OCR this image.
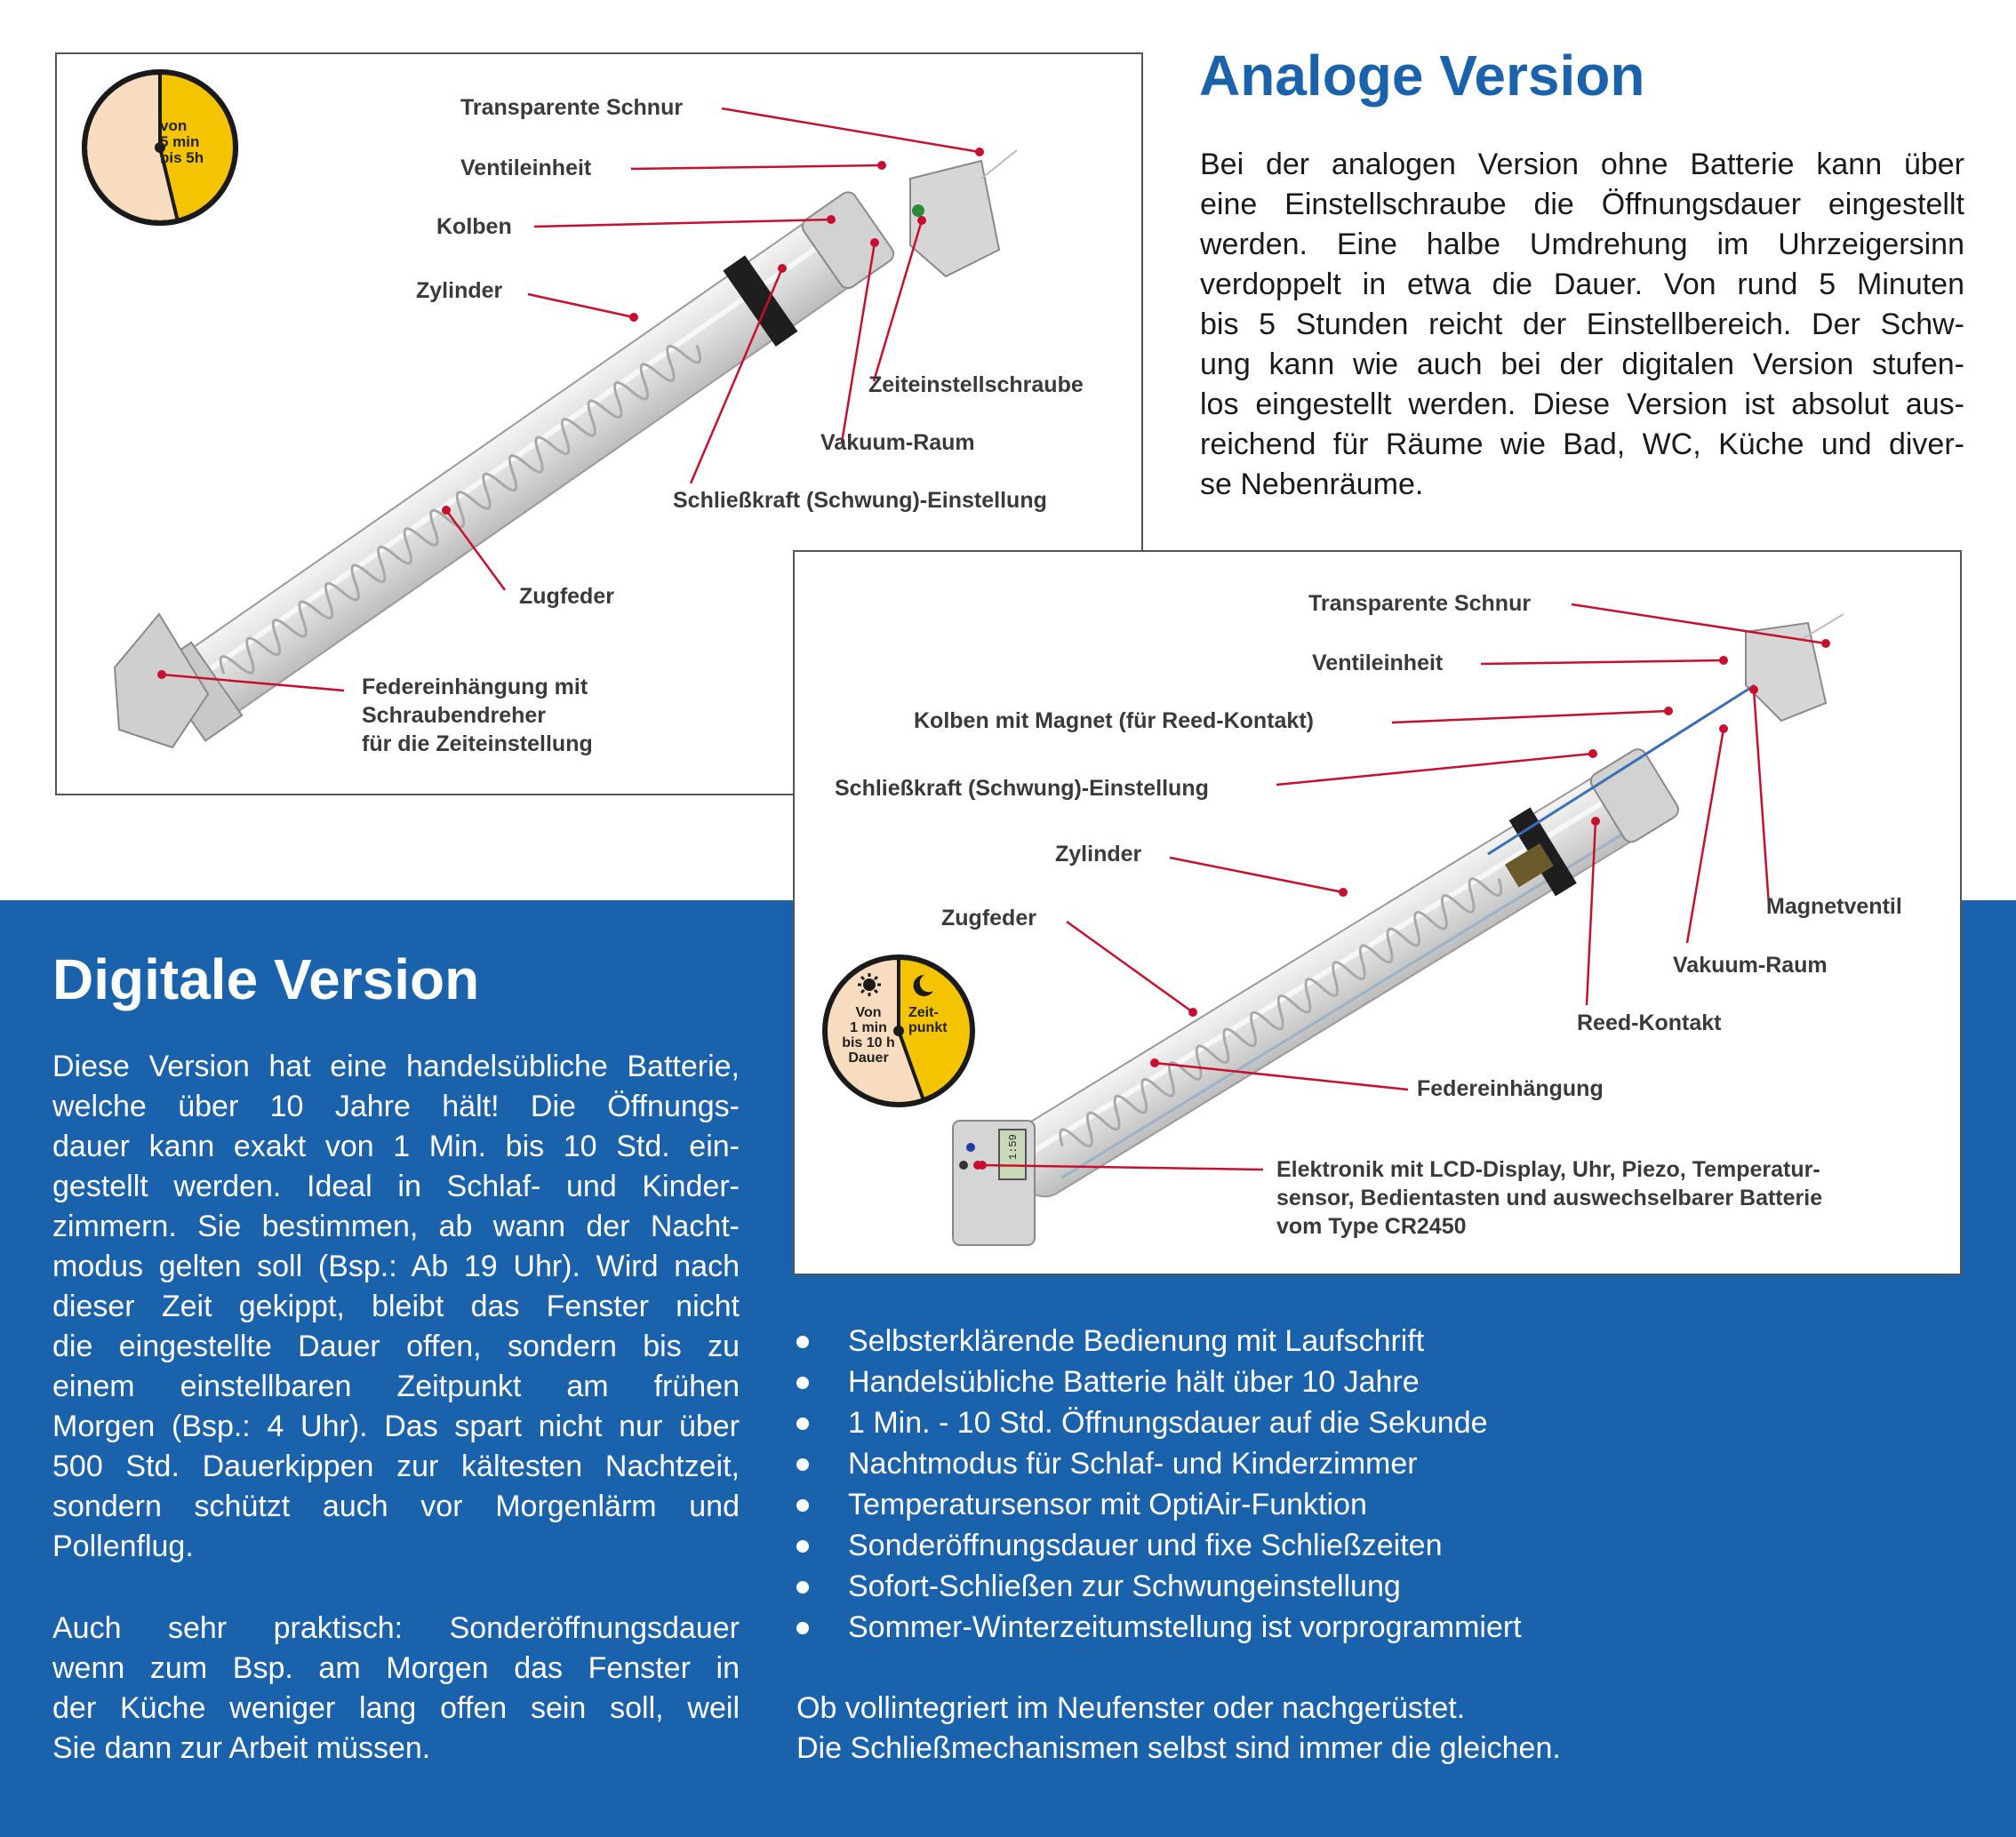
von
5 min
bis 5h
Transparente Schnur
Ventileinheit
Kolben
Zylinder
Zeiteinstellschraube
Vakuum-Raum
Schließkraft (Schwung)-Einstellung
Zugfeder
Federeinhängung mit
Schraubendreher
für die Zeiteinstellung
Analoge Version
Bei der analogen Version ohne Batterie kann über
eine Einstellschraube die Öffnungsdauer eingestellt
werden. Eine halbe Umdrehung im Uhrzeigersinn
verdoppelt in etwa die Dauer. Von rund 5 Minuten
bis 5 Stunden reicht der Einstellbereich. Der Schw-
ung kann wie auch bei der digitalen Version stufen-
los eingestellt werden. Diese Version ist absolut aus-
reichend für Räume wie Bad, WC, Küche und diver-
se Nebenräume.
Von
1 min
bis 10 h
Dauer
Zeit-
punkt
1:59
Transparente Schnur
Ventileinheit
Kolben mit Magnet (für Reed-Kontakt)
Schließkraft (Schwung)-Einstellung
Zylinder
Zugfeder	Magnetventil
Vakuum-Raum
Reed-Kontakt
Federeinhängung
Elektronik mit LCD-Display, Uhr, Piezo, Temperatur-
sensor, Bedientasten und auswechselbarer Batterie
vom Type CR2450
Digitale Version
Diese Version hat eine handelsübliche Batterie,
welche über 10 Jahre hält! Die Öffnungs-
dauer kann exakt von 1 Min. bis 10 Std. ein-
gestellt werden. Ideal in Schlaf- und Kinder-
zimmern. Sie bestimmen, ab wann der Nacht-
modus gelten soll (Bsp.: Ab 19 Uhr). Wird nach
dieser Zeit gekippt, bleibt das Fenster nicht
die eingestellte Dauer offen, sondern bis zu
einem einstellbaren Zeitpunkt am frühen
Morgen (Bsp.: 4 Uhr). Das spart nicht nur über
500 Std. Dauerkippen zur kältesten Nachtzeit,
sondern schützt auch vor Morgenlärm und
Pollenflug.
Auch sehr praktisch: Sonderöffnungsdauer
wenn zum Bsp. am Morgen das Fenster in
der Küche weniger lang offen sein soll, weil
Sie dann zur Arbeit müssen.
Selbsterklärende Bedienung mit Laufschrift
Handelsübliche Batterie hält über 10 Jahre
1 Min. - 10 Std. Öffnungsdauer auf die Sekunde
Nachtmodus für Schlaf- und Kinderzimmer
Temperatursensor mit OptiAir-Funktion
Sonderöffnungsdauer und fixe Schließzeiten
Sofort-Schließen zur Schwungeinstellung
Sommer-Winterzeitumstellung ist vorprogrammiert
Ob vollintegriert im Neufenster oder nachgerüstet.
Die Schließmechanismen selbst sind immer die gleichen.
